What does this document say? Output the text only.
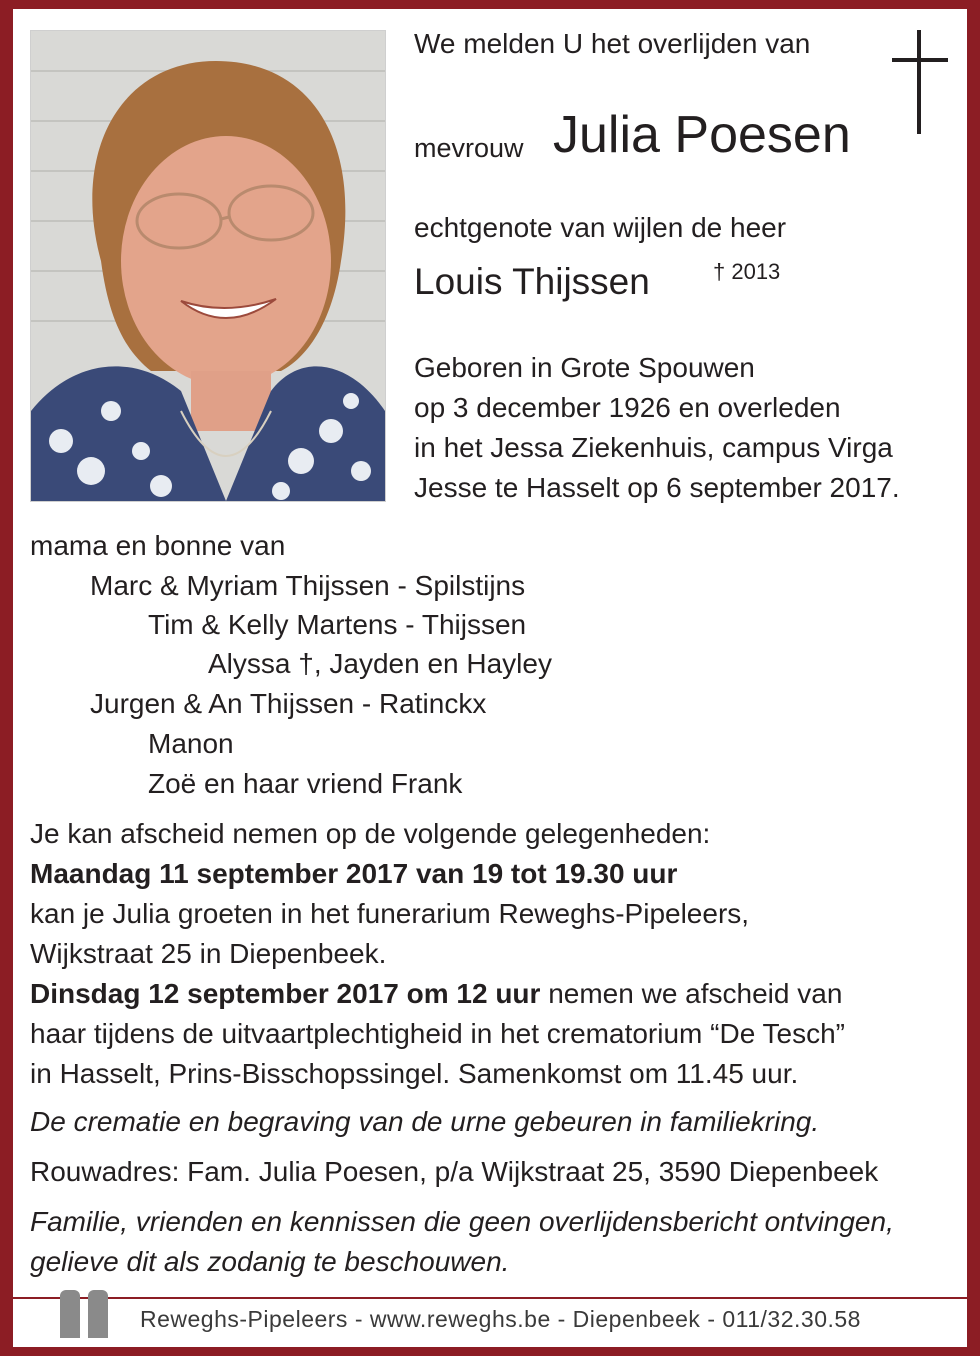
We melden U het overlijden van
mevrouw Julia Poesen
echtgenote van wijlen de heer
Louis Thijssen	† 2013
Geboren in Grote Spouwen
op 3 december 1926 en overleden
in het Jessa Ziekenhuis, campus Virga
Jesse te Hasselt op 6 september 2017.
mama en bonne van
Marc & Myriam Thijssen - Spilstijns
Tim & Kelly Martens - Thijssen
Alyssa †, Jayden en Hayley
Jurgen & An Thijssen - Ratinckx
Manon
Zoë en haar vriend Frank
Je kan afscheid nemen op de volgende gelegenheden:
Maandag 11 september 2017 van 19 tot 19.30 uur
kan je Julia groeten in het funerarium Reweghs-Pipeleers,
Wijkstraat 25 in Diepenbeek.
Dinsdag 12 september 2017 om 12 uur nemen we afscheid van
haar tijdens de uitvaartplechtigheid in het crematorium “De Tesch”
in Hasselt, Prins-Bisschopssingel. Samenkomst om 11.45 uur.
De crematie en begraving van de urne gebeuren in familiekring.
Rouwadres: Fam. Julia Poesen, p/a Wijkstraat 25, 3590 Diepenbeek
Familie, vrienden en kennissen die geen overlijdensbericht ontvingen,
gelieve dit als zodanig te beschouwen.
Reweghs-Pipeleers - www.reweghs.be - Diepenbeek - 011/32.30.58
